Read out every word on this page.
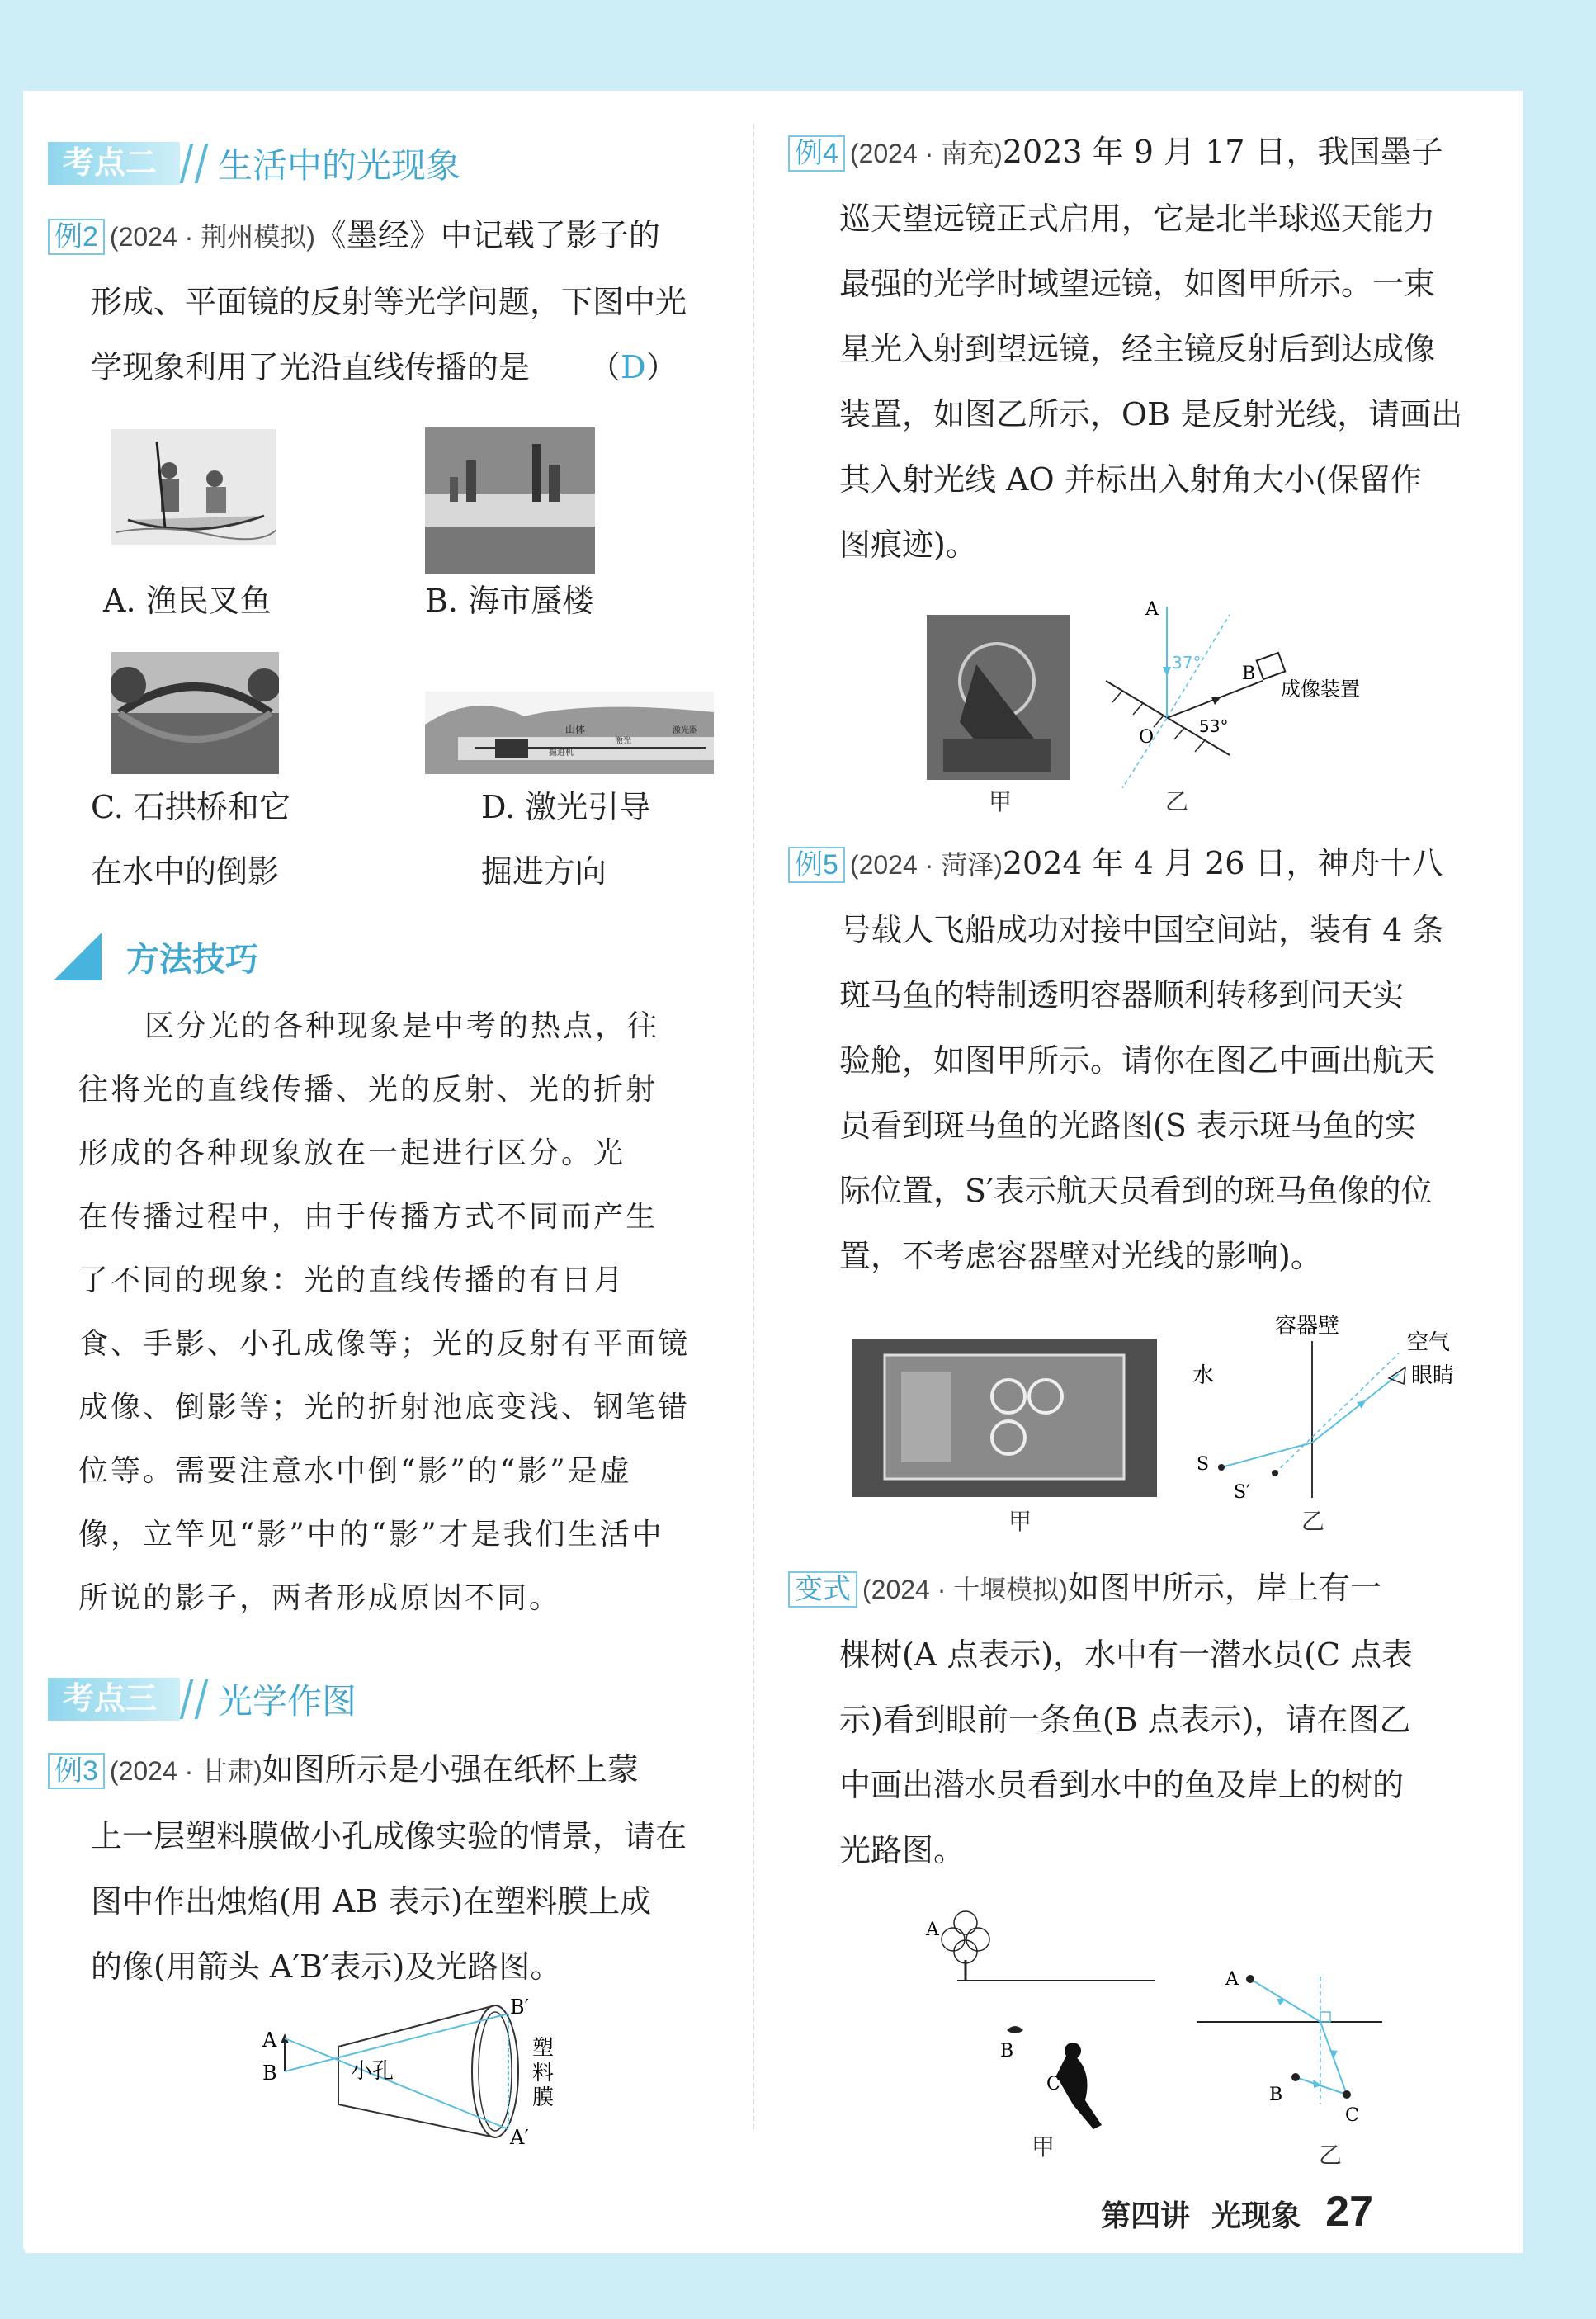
考点二	生活中的光现象
例2 (2024 · 荆州模拟)《墨经》中记载了影子的
形成、平面镜的反射等光学问题，下图中光
学现象利用了光沿直线传播的是 （D）
A. 渔民叉鱼	B. 海市蜃楼
山体
掘进机
激光
激光器
C. 石拱桥和它
在水中的倒影
D. 激光引导
掘进方向
方法技巧
区分光的各种现象是中考的热点，往
往将光的直线传播、光的反射、光的折射
形成的各种现象放在一起进行区分。光
在传播过程中，由于传播方式不同而产生
了不同的现象：光的直线传播的有日月
食、手影、小孔成像等；光的反射有平面镜
成像、倒影等；光的折射池底变浅、钢笔错
位等。需要注意水中倒“影”的“影”是虚
像，立竿见“影”中的“影”才是我们生活中
所说的影子，两者形成原因不同。
考点三	光学作图
例3 (2024 · 甘肃)如图所示是小强在纸杯上蒙
上一层塑料膜做小孔成像实验的情景，请在
图中作出烛焰(用 AB 表示)在塑料膜上成
的像(用箭头 A′B′表示)及光路图。
A
B	小孔
B′
A′
塑
料
膜
例4 (2024 · 南充)2023 年 9 月 17 日，我国墨子
巡天望远镜正式启用，它是北半球巡天能力
最强的光学时域望远镜，如图甲所示。一束
星光入射到望远镜，经主镜反射后到达成像
装置，如图乙所示，OB 是反射光线，请画出
其入射光线 AO 并标出入射角大小(保留作
图痕迹)。
甲
A
B
O
37°
53°
成像装置
乙
例5 (2024 · 菏泽)2024 年 4 月 26 日，神舟十八
号载人飞船成功对接中国空间站，装有 4 条
斑马鱼的特制透明容器顺利转移到问天实
验舱，如图甲所示。请你在图乙中画出航天
员看到斑马鱼的光路图(S 表示斑马鱼的实
际位置，S′表示航天员看到的斑马鱼像的位
置，不考虑容器壁对光线的影响)。
甲
容器壁
空气
水	眼睛
S
S′
乙
变式 (2024 · 十堰模拟)如图甲所示，岸上有一
棵树(A 点表示)，水中有一潜水员(C 点表
示)看到眼前一条鱼(B 点表示)，请在图乙
中画出潜水员看到水中的鱼及岸上的树的
光路图。
A
B
C
甲
A
B
C
乙
第四讲 光现象 27
